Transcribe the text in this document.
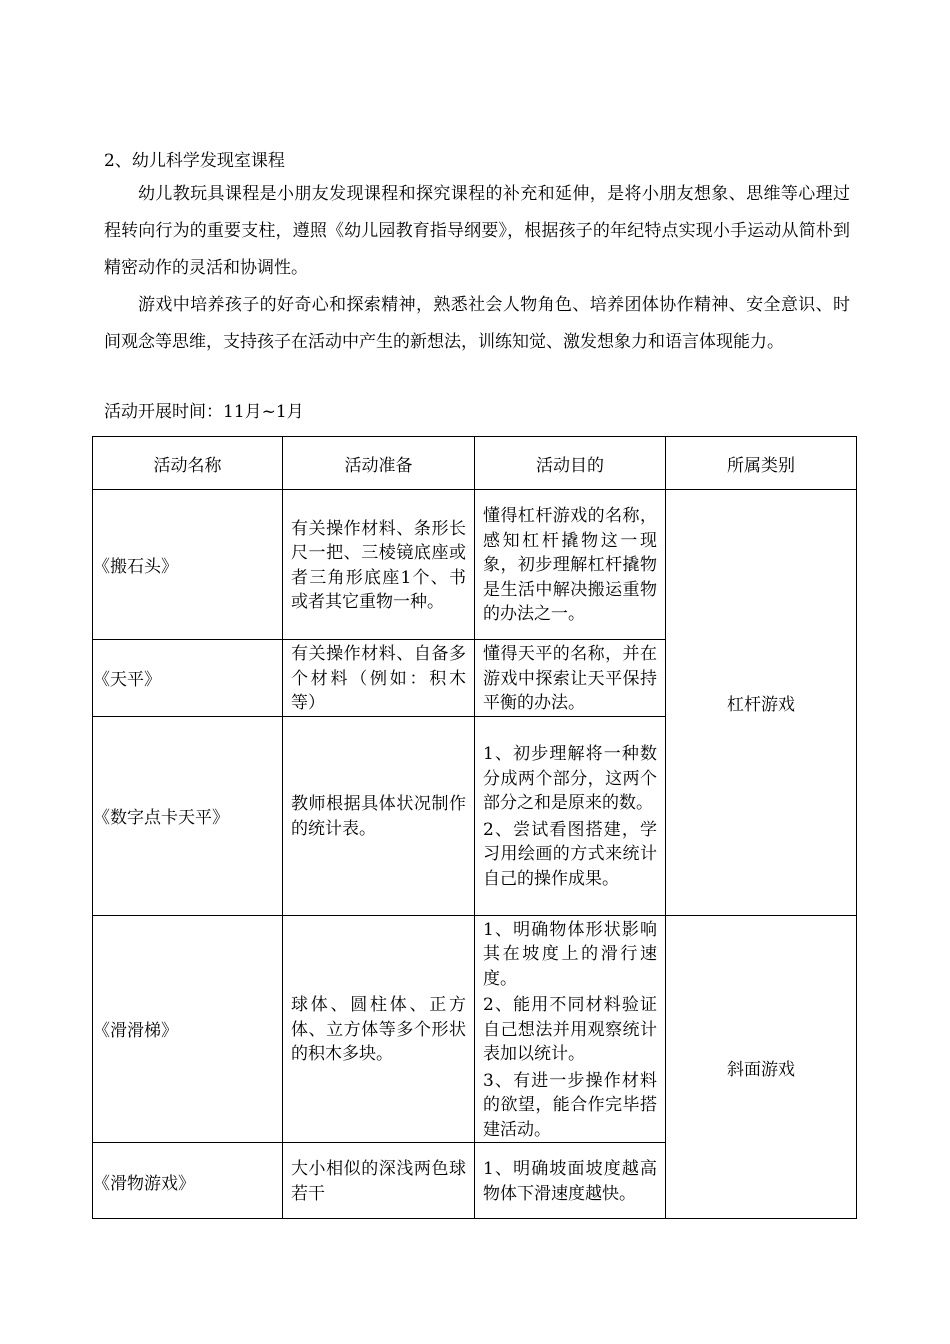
2、幼儿科学发现室课程

幼儿教玩具课程是小朋友发现课程和探究课程的补充和延伸，是将小朋友想象、思维等心理过程转向行为的重要支柱，遵照《幼儿园教育指导纲要》，根据孩子的年纪特点实现小手运动从简朴到精密动作的灵活和协调性。

游戏中培养孩子的好奇心和探索精神，熟悉社会人物角色、培养团体协作精神、安全意识、时间观念等思维，支持孩子在活动中产生的新想法，训练知觉、激发想象力和语言体现能力。

活动开展时间：11月~1月
活动名称	活动准备	活动目的	所属类别
《搬石头》	有关操作材料、条形长尺一把、三棱镜底座或者三角形底座1个、书或者其它重物一种。	懂得杠杆游戏的名称，感知杠杆撬物这一现象，初步理解杠杆撬物是生活中解决搬运重物的办法之一。	杠杆游戏
《天平》	有关操作材料、自备多个材料（例如：积木等）	懂得天平的名称，并在游戏中探索让天平保持平衡的办法。	

《数字点卡天平》	教师根据具体状况制作的统计表。	1、初步理解将一种数分成两个部分，这两个部分之和是原来的数。
2、尝试看图搭建，学习用绘画的方式来统计自己的操作成果。	

《滑滑梯》	球体、圆柱体、正方体、立方体等多个形状的积木多块。	1、明确物体形状影响其在坡度上的滑行速度。
2、能用不同材料验证自己想法并用观察统计表加以统计。
3、有进一步操作材料的欲望，能合作完毕搭建活动。	斜面游戏
《滑物游戏》	大小相似的深浅两色球若干	1、明确坡面坡度越高物体下滑速度越快。	
